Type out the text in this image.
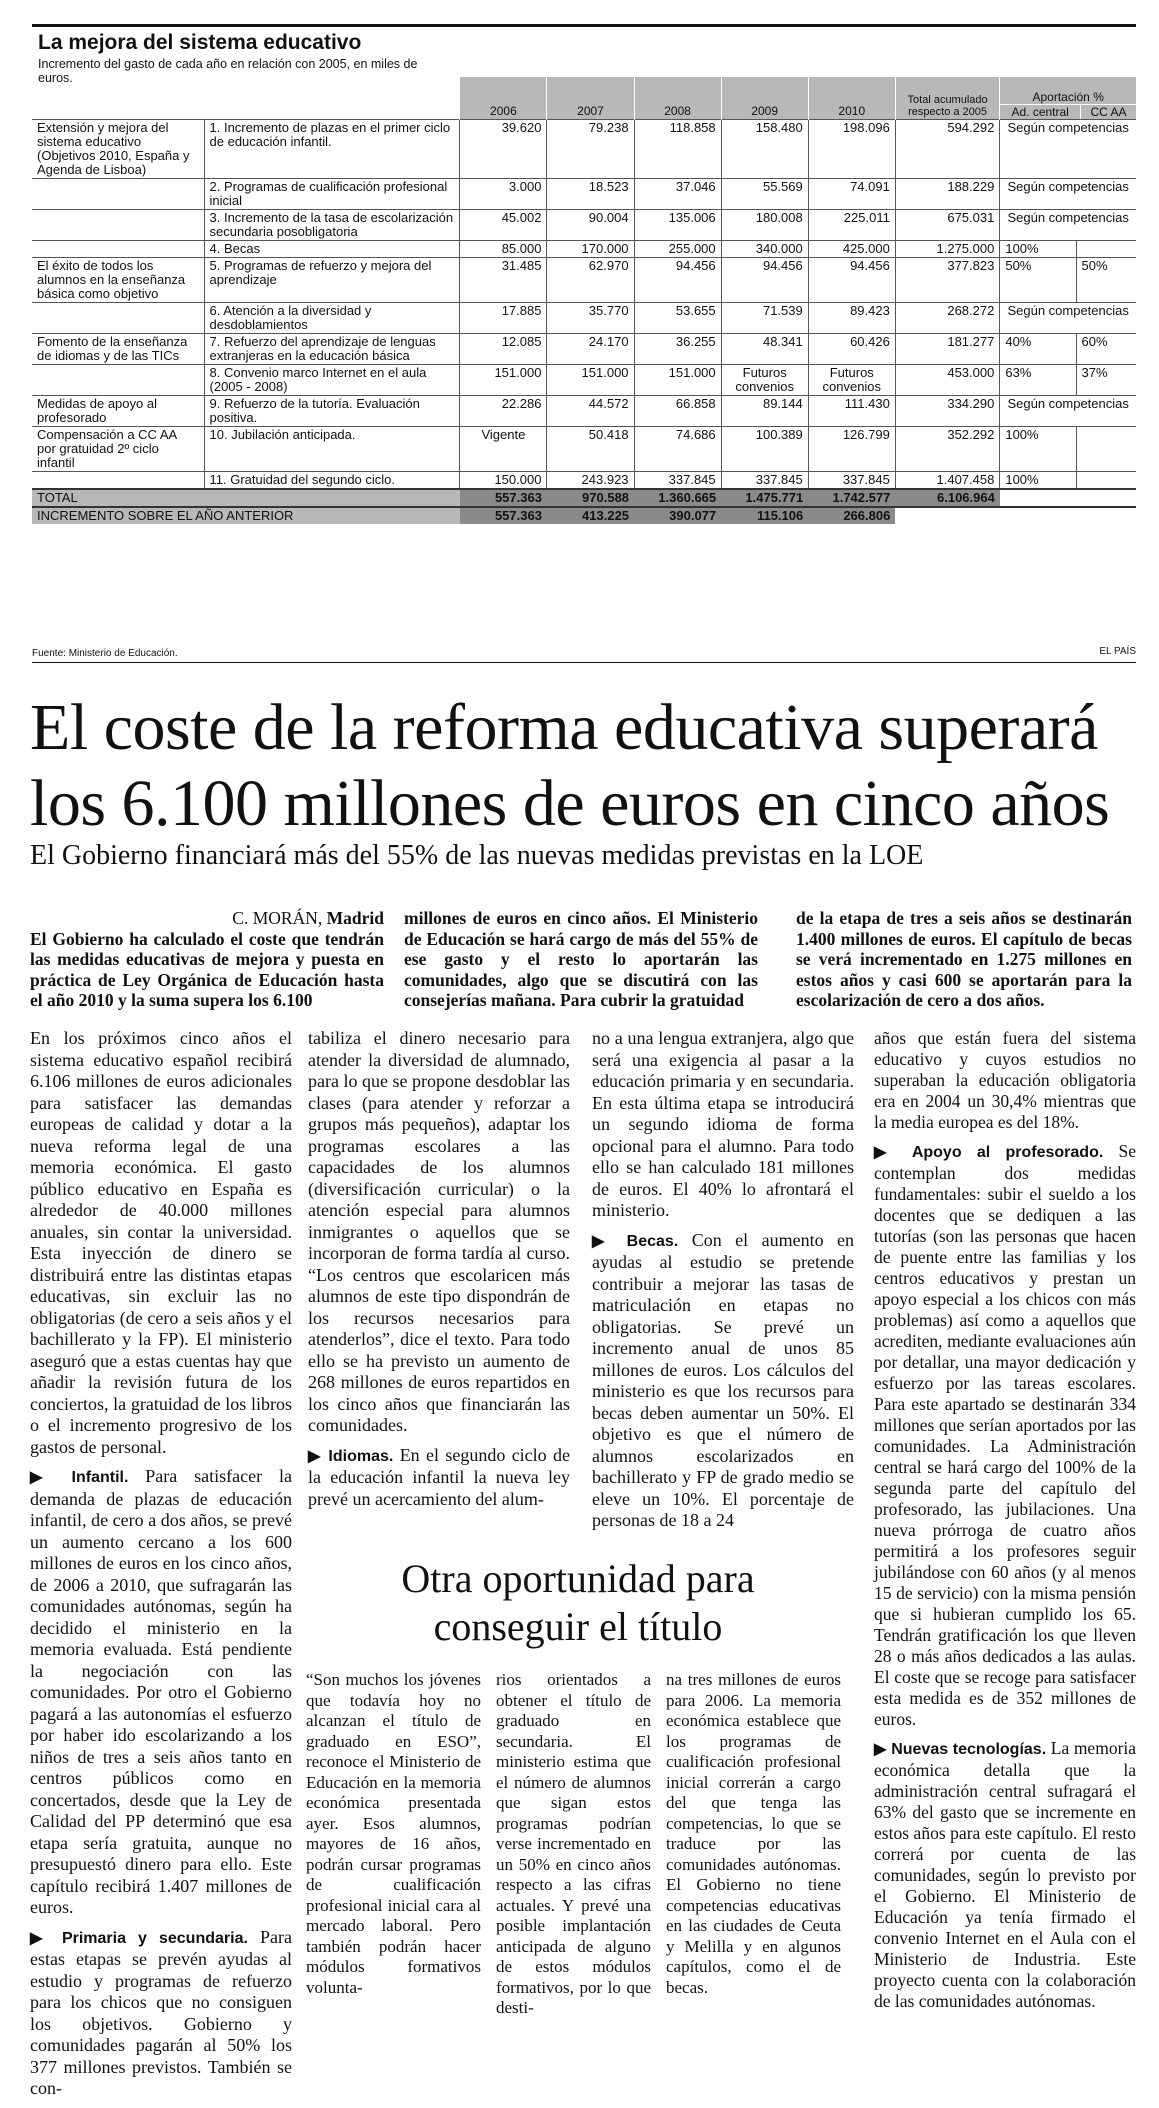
La mejora del sistema educativo
Incremento del gasto de cada año en relación con 2005, en miles de euros.
		2006	2007	2008	2009	2010	Total acumulado respecto a 2005	Aportación %
Ad. central CC AA	

Extensión y mejora del sistema educativo (Objetivos 2010, España y Agenda de Lisboa)	1. Incremento de plazas en el primer ciclo de educación infantil.	39.620	79.238	118.858	158.480	198.096	594.292	Según competencias	
	2. Programas de cualificación profesional inicial	3.000	18.523	37.046	55.569	74.091	188.229	Según competencias	
	3. Incremento de la tasa de escolarización secundaria posobligatoria	45.002	90.004	135.006	180.008	225.011	675.031	Según competencias	
	4. Becas	85.000	170.000	255.000	340.000	425.000	1.275.000	100%	
El éxito de todos los alumnos en la enseñanza básica como objetivo	5. Programas de refuerzo y mejora del aprendizaje	31.485	62.970	94.456	94.456	94.456	377.823	50%	50%
	6. Atención a la diversidad y desdoblamientos	17.885	35.770	53.655	71.539	89.423	268.272	Según competencias	
Fomento de la enseñanza de idiomas y de las TICs	7. Refuerzo del aprendizaje de lenguas extranjeras en la educación básica	12.085	24.170	36.255	48.341	60.426	181.277	40%	60%
	8. Convenio marco Internet en el aula (2005 - 2008)	151.000	151.000	151.000	Futuros convenios	Futuros convenios	453.000	63%	37%
Medidas de apoyo al profesorado	9. Refuerzo de la tutoría. Evaluación positiva.	22.286	44.572	66.858	89.144	111.430	334.290	Según competencias	
Compensación a CC AA por gratuidad 2º ciclo infantil	10. Jubilación anticipada.	Vigente	50.418	74.686	100.389	126.799	352.292	100%	
	11. Gratuidad del segundo ciclo.	150.000	243.923	337.845	337.845	337.845	1.407.458	100%	
TOTAL		557.363	970.588	1.360.665	1.475.771	1.742.577	6.106.964		
INCREMENTO SOBRE EL AÑO ANTERIOR		557.363	413.225	390.077	115.106	266.806			
Fuente: Ministerio de Educación.	EL PAÍS
El coste de la reforma educativa superará
los 6.100 millones de euros en cinco años
El Gobierno financiará más del 55% de las nuevas medidas previstas en la LOE
C. MORÁN, Madrid
El Gobierno ha calculado el coste que tendrán las medidas educativas de mejora y puesta en práctica de Ley Orgánica de Educación hasta el año 2010 y la suma supera los 6.100
millones de euros en cinco años. El Ministerio de Educación se hará cargo de más del 55% de ese gasto y el resto lo aportarán las comunidades, algo que se discutirá con las consejerías mañana. Para cubrir la gratuidad
de la etapa de tres a seis años se destinarán 1.400 millones de euros. El capítulo de becas se verá incrementado en 1.275 millones en estos años y casi 600 se aportarán para la escolarización de cero a dos años.

En los próximos cinco años el sistema educativo español recibirá 6.106 millones de euros adicionales para satisfacer las demandas europeas de calidad y dotar a la nueva reforma legal de una memoria económica. El gasto público educativo en España es alrededor de 40.000 millones anuales, sin contar la universidad. Esta inyección de dinero se distribuirá entre las distintas etapas educativas, sin excluir las no obligatorias (de cero a seis años y el bachillerato y la FP). El ministerio aseguró que a estas cuentas hay que añadir la revisión futura de los conciertos, la gratuidad de los libros o el incremento progresivo de los gastos de personal.

▶ Infantil. Para satisfacer la demanda de plazas de educación infantil, de cero a dos años, se prevé un aumento cercano a los 600 millones de euros en los cinco años, de 2006 a 2010, que sufragarán las comunidades autónomas, según ha decidido el ministerio en la memoria evaluada. Está pendiente la negociación con las comunidades. Por otro el Gobierno pagará a las autonomías el esfuerzo por haber ido escolarizando a los niños de tres a seis años tanto en centros públicos como en concertados, desde que la Ley de Calidad del PP determinó que esa etapa sería gratuita, aunque no presupuestó dinero para ello. Este capítulo recibirá 1.407 millones de euros.

▶ Primaria y secundaria. Para estas etapas se prevén ayudas al estudio y programas de refuerzo para los chicos que no consiguen los objetivos. Gobierno y comunidades pagarán al 50% los 377 millones previstos. También se con-

tabiliza el dinero necesario para atender la diversidad de alumnado, para lo que se propone desdoblar las clases (para atender y reforzar a grupos más pequeños), adaptar los programas escolares a las capacidades de los alumnos (diversificación curricular) o la atención especial para alumnos inmigrantes o aquellos que se incorporan de forma tardía al curso. “Los centros que escolaricen más alumnos de este tipo dispondrán de los recursos necesarios para atenderlos”, dice el texto. Para todo ello se ha previsto un aumento de 268 millones de euros repartidos en los cinco años que financiarán las comunidades.

▶ Idiomas. En el segundo ciclo de la educación infantil la nueva ley prevé un acercamiento del alum-

no a una lengua extranjera, algo que será una exigencia al pasar a la educación primaria y en secundaria. En esta última etapa se introducirá un segundo idioma de forma opcional para el alumno. Para todo ello se han calculado 181 millones de euros. El 40% lo afrontará el ministerio.

▶ Becas. Con el aumento en ayudas al estudio se pretende contribuir a mejorar las tasas de matriculación en etapas no obligatorias. Se prevé un incremento anual de unos 85 millones de euros. Los cálculos del ministerio es que los recursos para becas deben aumentar un 50%. El objetivo es que el número de alumnos escolarizados en bachillerato y FP de grado medio se eleve un 10%. El porcentaje de personas de 18 a 24

años que están fuera del sistema educativo y cuyos estudios no superaban la educación obligatoria era en 2004 un 30,4% mientras que la media europea es del 18%.

▶ Apoyo al profesorado. Se contemplan dos medidas fundamentales: subir el sueldo a los docentes que se dediquen a las tutorías (son las personas que hacen de puente entre las familias y los centros educativos y prestan un apoyo especial a los chicos con más problemas) así como a aquellos que acrediten, mediante evaluaciones aún por detallar, una mayor dedicación y esfuerzo por las tareas escolares. Para este apartado se destinarán 334 millones que serían aportados por las comunidades. La Administración central se hará cargo del 100% de la segunda parte del capítulo del profesorado, las jubilaciones. Una nueva prórroga de cuatro años permitirá a los profesores seguir jubilándose con 60 años (y al menos 15 de servicio) con la misma pensión que si hubieran cumplido los 65. Tendrán gratificación los que lleven 28 o más años dedicados a las aulas. El coste que se recoge para satisfacer esta medida es de 352 millones de euros.

▶ Nuevas tecnologías. La memoria económica detalla que la administración central sufragará el 63% del gasto que se incremente en estos años para este capítulo. El resto correrá por cuenta de las comunidades, según lo previsto por el Gobierno. El Ministerio de Educación ya tenía firmado el convenio Internet en el Aula con el Ministerio de Industria. Este proyecto cuenta con la colaboración de las comunidades autónomas.

Otra oportunidad para
conseguir el título
“Son muchos los jóvenes que todavía hoy no alcanzan el título de graduado en ESO”, reconoce el Ministerio de Educación en la memoria económica presentada ayer. Esos alumnos, mayores de 16 años, podrán cursar programas de cualificación profesional inicial cara al mercado laboral. Pero también podrán hacer módulos formativos volunta-
rios orientados a obtener el título de graduado en secundaria. El ministerio estima que el número de alumnos que sigan estos programas podrían verse incrementado en un 50% en cinco años respecto a las cifras actuales. Y prevé una posible implantación anticipada de alguno de estos módulos formativos, por lo que desti-
na tres millones de euros para 2006. La memoria económica establece que los programas de cualificación profesional inicial correrán a cargo del que tenga las competencias, lo que se traduce por las comunidades autónomas. El Gobierno no tiene competencias educativas en las ciudades de Ceuta y Melilla y en algunos capítulos, como el de becas.
